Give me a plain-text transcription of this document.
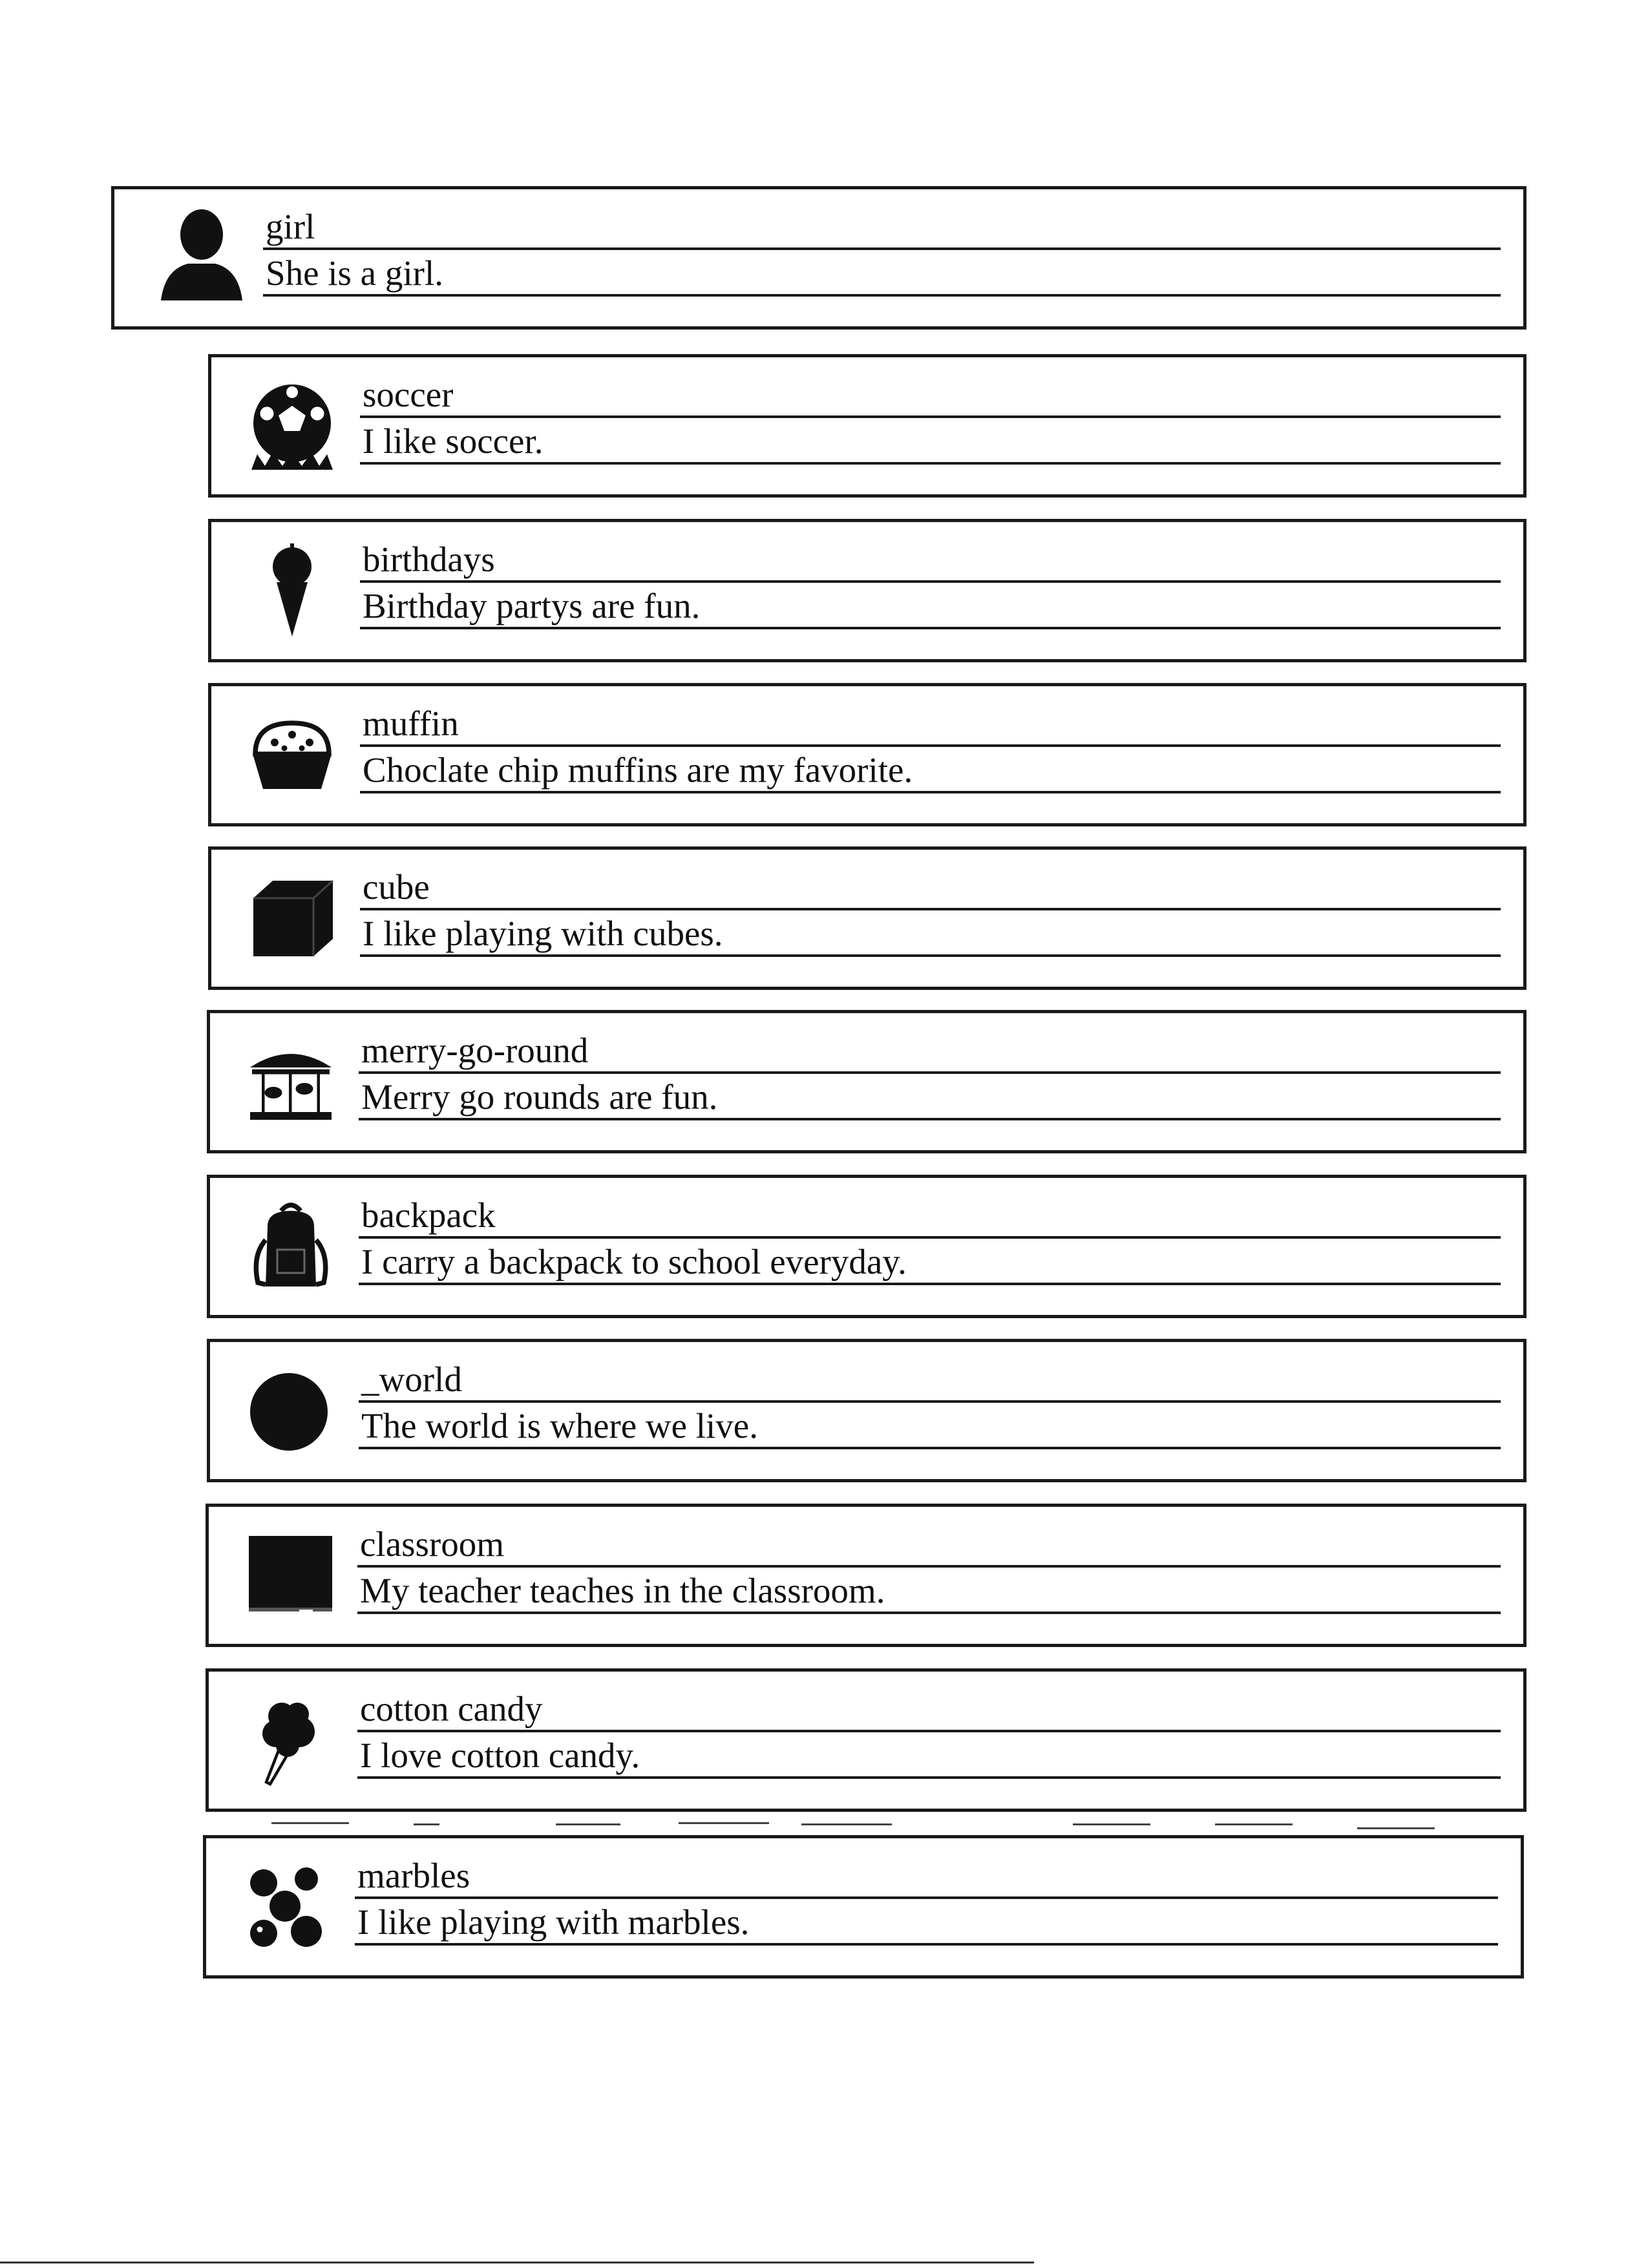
girl
She is a girl.
soccer
I like soccer.
birthdays
Birthday partys are fun.
muffin
Choclate chip muffins are my favorite.
cube
I like playing with cubes.
merry-go-round
Merry go rounds are fun.
backpack
I carry a backpack to school everyday.
_world
The world is where we live.
classroom
My teacher teaches in the classroom.
cotton candy
I love cotton candy.
marbles
I like playing with marbles.
